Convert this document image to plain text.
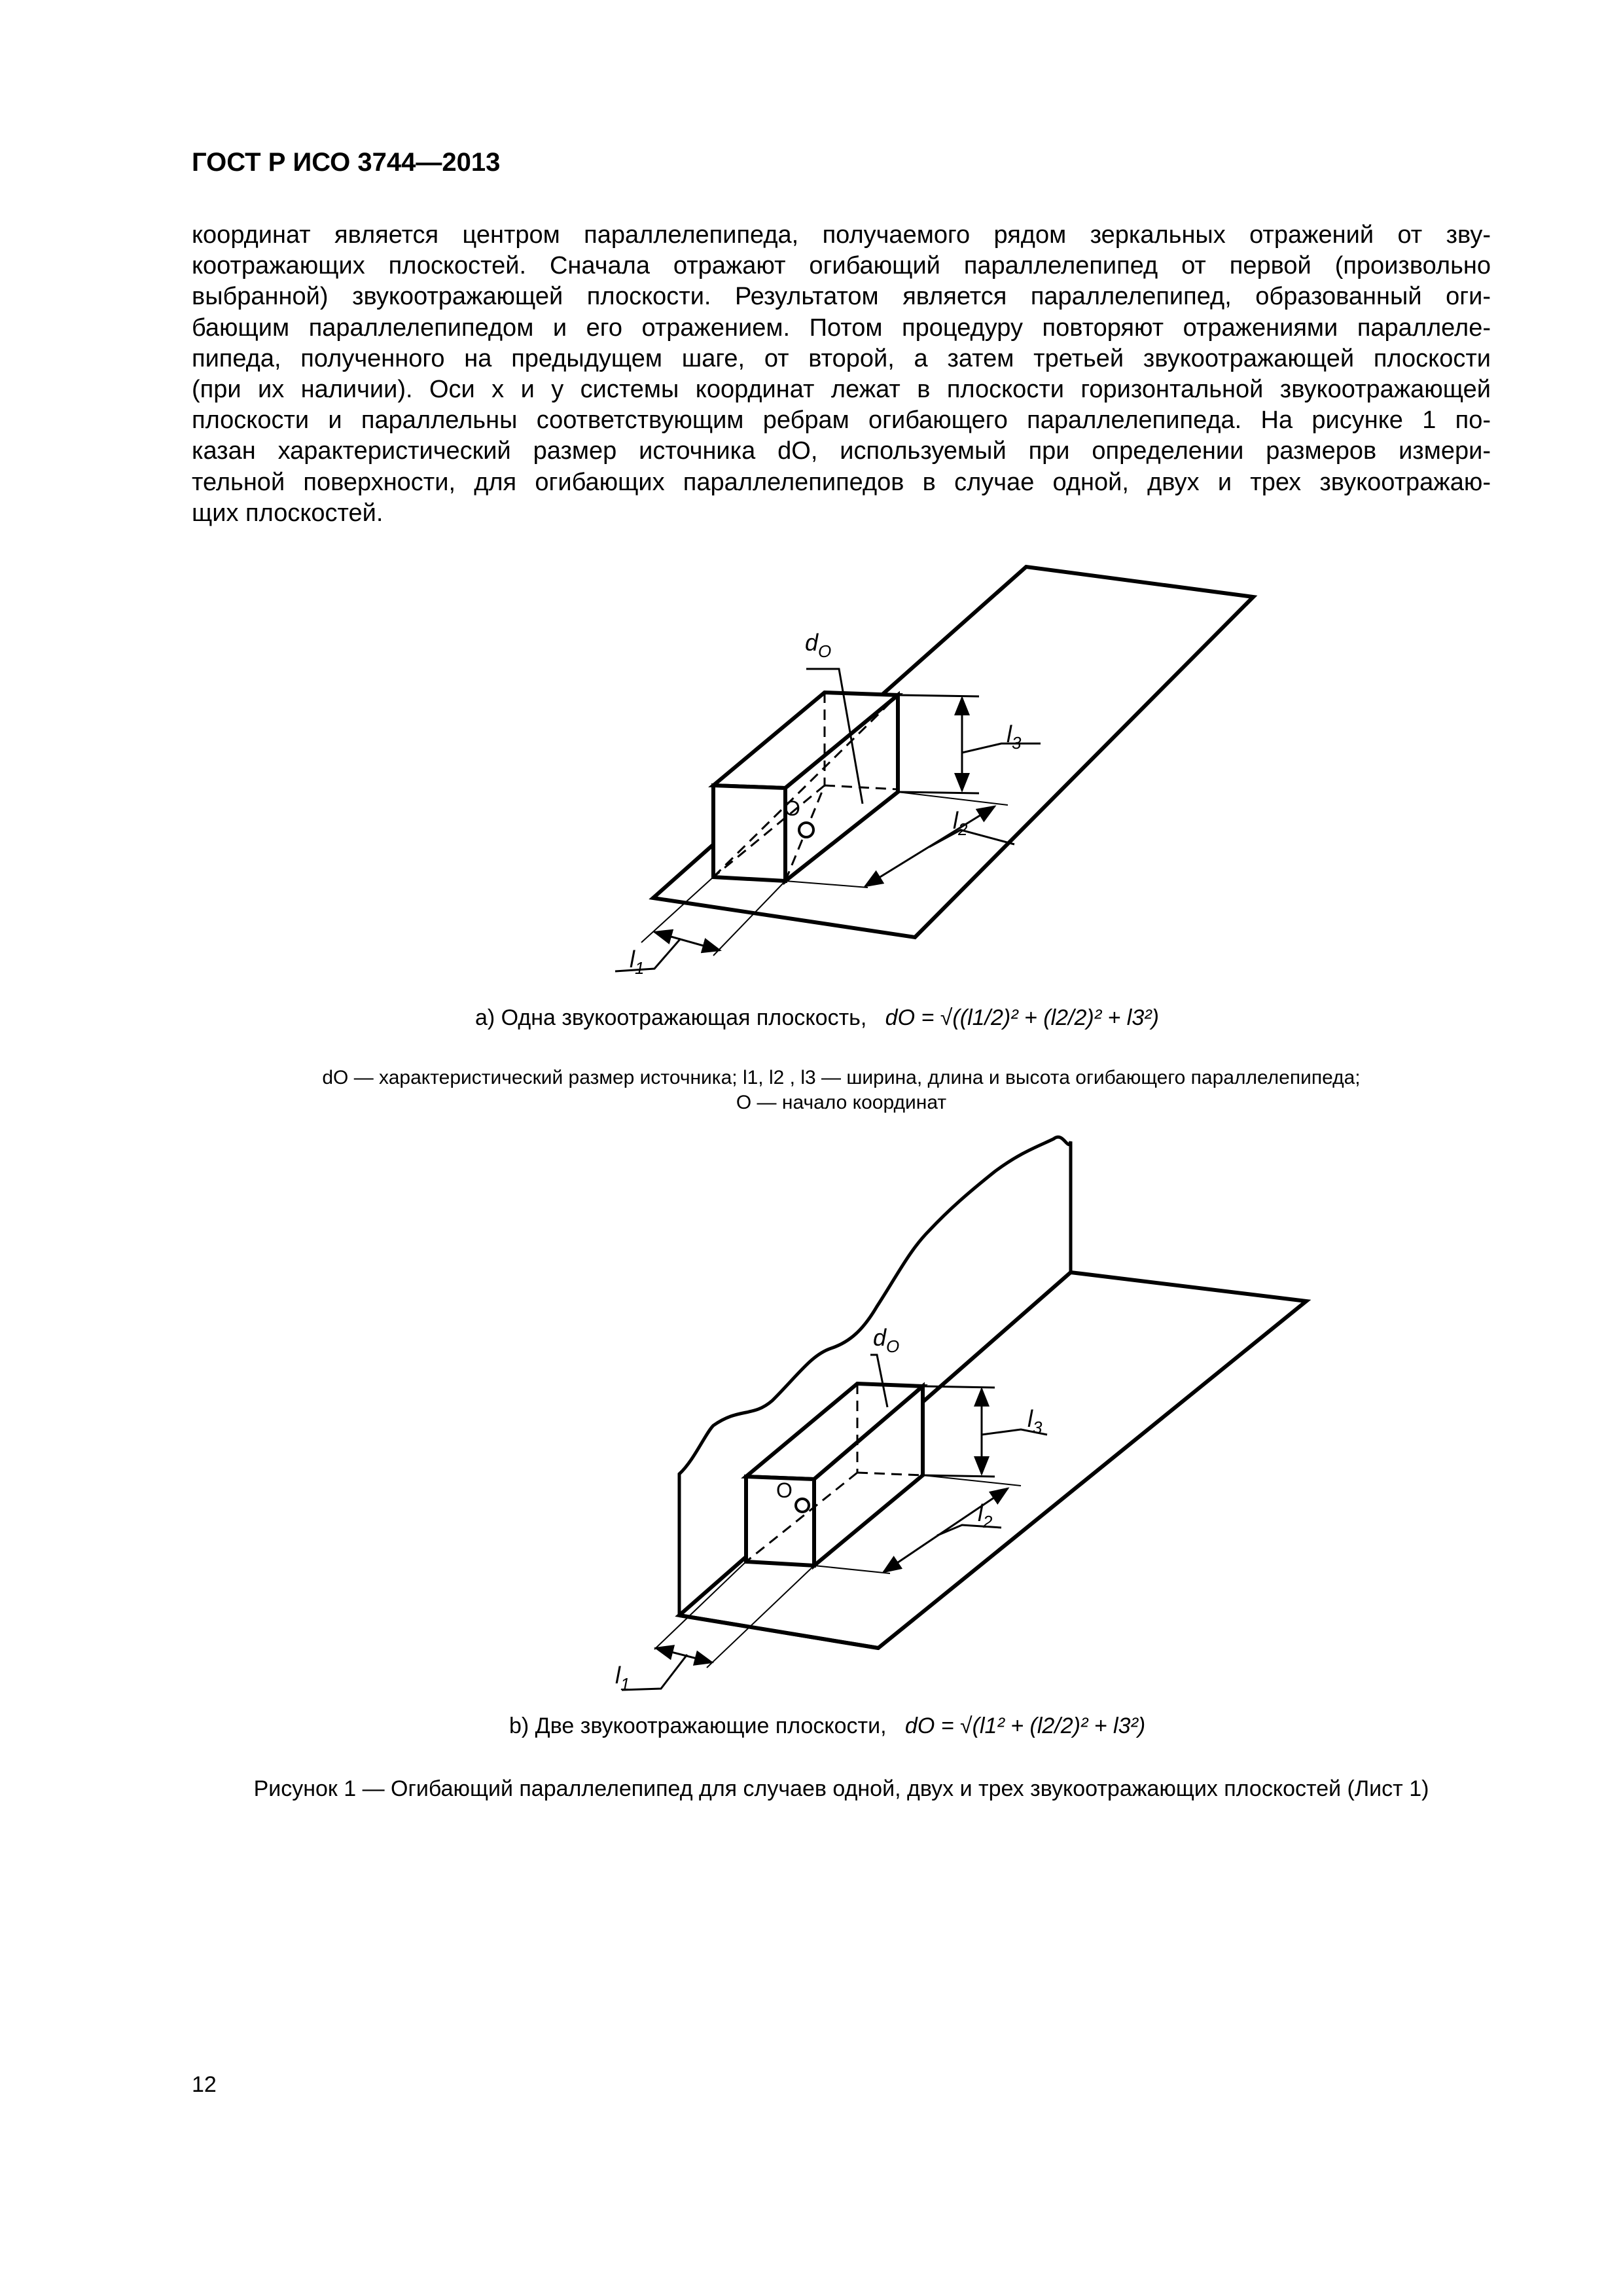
ГОСТ Р ИСО 3744—2013

координат является центром параллелепипеда, получаемого рядом зеркальных отражений от зву-
коотражающих плоскостей. Сначала отражают огибающий параллелепипед от первой (произвольно
выбранной) звукоотражающей плоскости. Результатом является параллелепипед, образованный оги-
бающим параллелепипедом и его отражением. Потом процедуру повторяют отражениями параллеле-
пипеда, полученного на предыдущем шаге, от второй, а затем третьей звукоотражающей плоскости
(при их наличии). Оси x и y системы координат лежат в плоскости горизонтальной звукоотражающей
плоскости и параллельны соответствующим ребрам огибающего параллелепипеда. На рисунке 1 по-
казан характеристический размер источника dO, используемый при определении размеров измери-
тельной поверхности, для огибающих параллелепипедов в случае одной, двух и трех звукоотражаю-
щих плоскостей.

$d_O$
O
$l_3$
$l_2$
$l_1$
$d_O$
O
$l_3$
$l_2$
$l_1$
a) Одна звукоотражающая плоскость, dO = √((l1/2)² + (l2/2)² + l3²)
dO — характеристический размер источника; l1, l2 , l3 — ширина, длина и высота огибающего параллелепипеда;
O — начало координат
b) Две звукоотражающие плоскости, dO = √(l1² + (l2/2)² + l3²)
Рисунок 1 — Огибающий параллелепипед для случаев одной, двух и трех звукоотражающих плоскостей (Лист 1)
12
